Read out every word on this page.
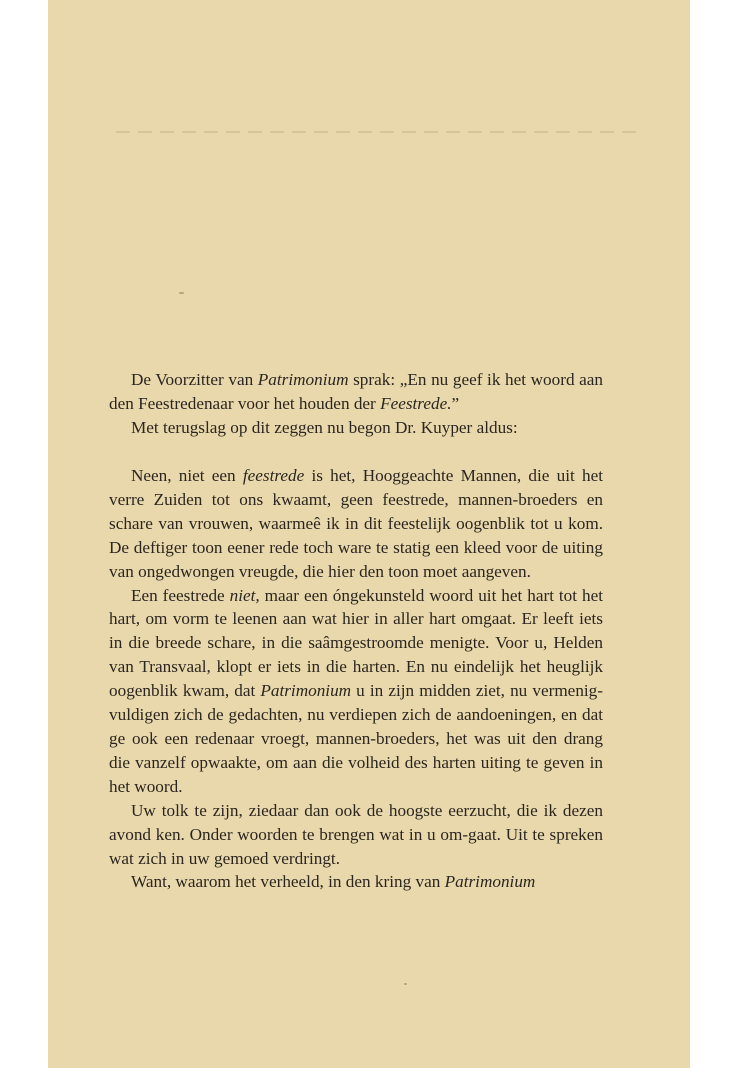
De Voorzitter van Patrimonium sprak: „En nu geef ik het woord aan den Feestredenaar voor het houden der Feestrede.”

Met terugslag op dit zeggen nu begon Dr. Kuyper aldus:

Neen, niet een feestrede is het, Hooggeachte Mannen, die uit het verre Zuiden tot ons kwaamt, geen feestrede, mannen-broeders en schare van vrouwen, waarmeê ik in dit feestelijk oogenblik tot u kom. De deftiger toon eener rede toch ware te statig een kleed voor de uiting van ongedwongen vreugde, die hier den toon moet aangeven.

Een feestrede niet, maar een óngekunsteld woord uit het hart tot het hart, om vorm te leenen aan wat hier in aller hart omgaat. Er leeft iets in die breede schare, in die saâmgestroomde menigte. Voor u, Helden van Transvaal, klopt er iets in die harten. En nu eindelijk het heuglijk oogenblik kwam, dat Patrimonium u in zijn midden ziet, nu vermenig-vuldigen zich de gedachten, nu verdiepen zich de aandoeningen, en dat ge ook een redenaar vroegt, mannen-broeders, het was uit den drang die vanzelf opwaakte, om aan die volheid des harten uiting te geven in het woord.

Uw tolk te zijn, ziedaar dan ook de hoogste eerzucht, die ik dezen avond ken. Onder woorden te brengen wat in u om-gaat. Uit te spreken wat zich in uw gemoed verdringt.

Want, waarom het verheeld, in den kring van Patrimonium
